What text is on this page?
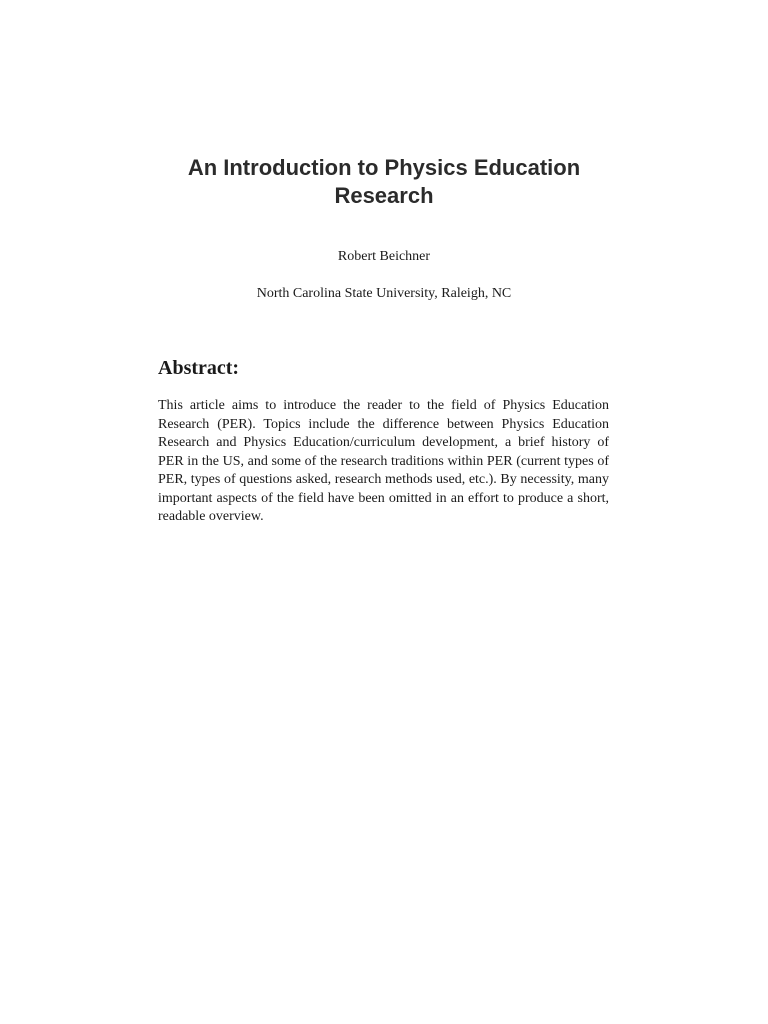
An Introduction to Physics Education Research
Robert Beichner
North Carolina State University, Raleigh, NC
Abstract:

This article aims to introduce the reader to the field of Physics Education Research (PER). Topics include the difference between Physics Education Research and Physics Education/curriculum development, a brief history of PER in the US, and some of the research traditions within PER (current types of PER, types of questions asked, research methods used, etc.). By necessity, many important aspects of the field have been omitted in an effort to produce a short, readable overview.
